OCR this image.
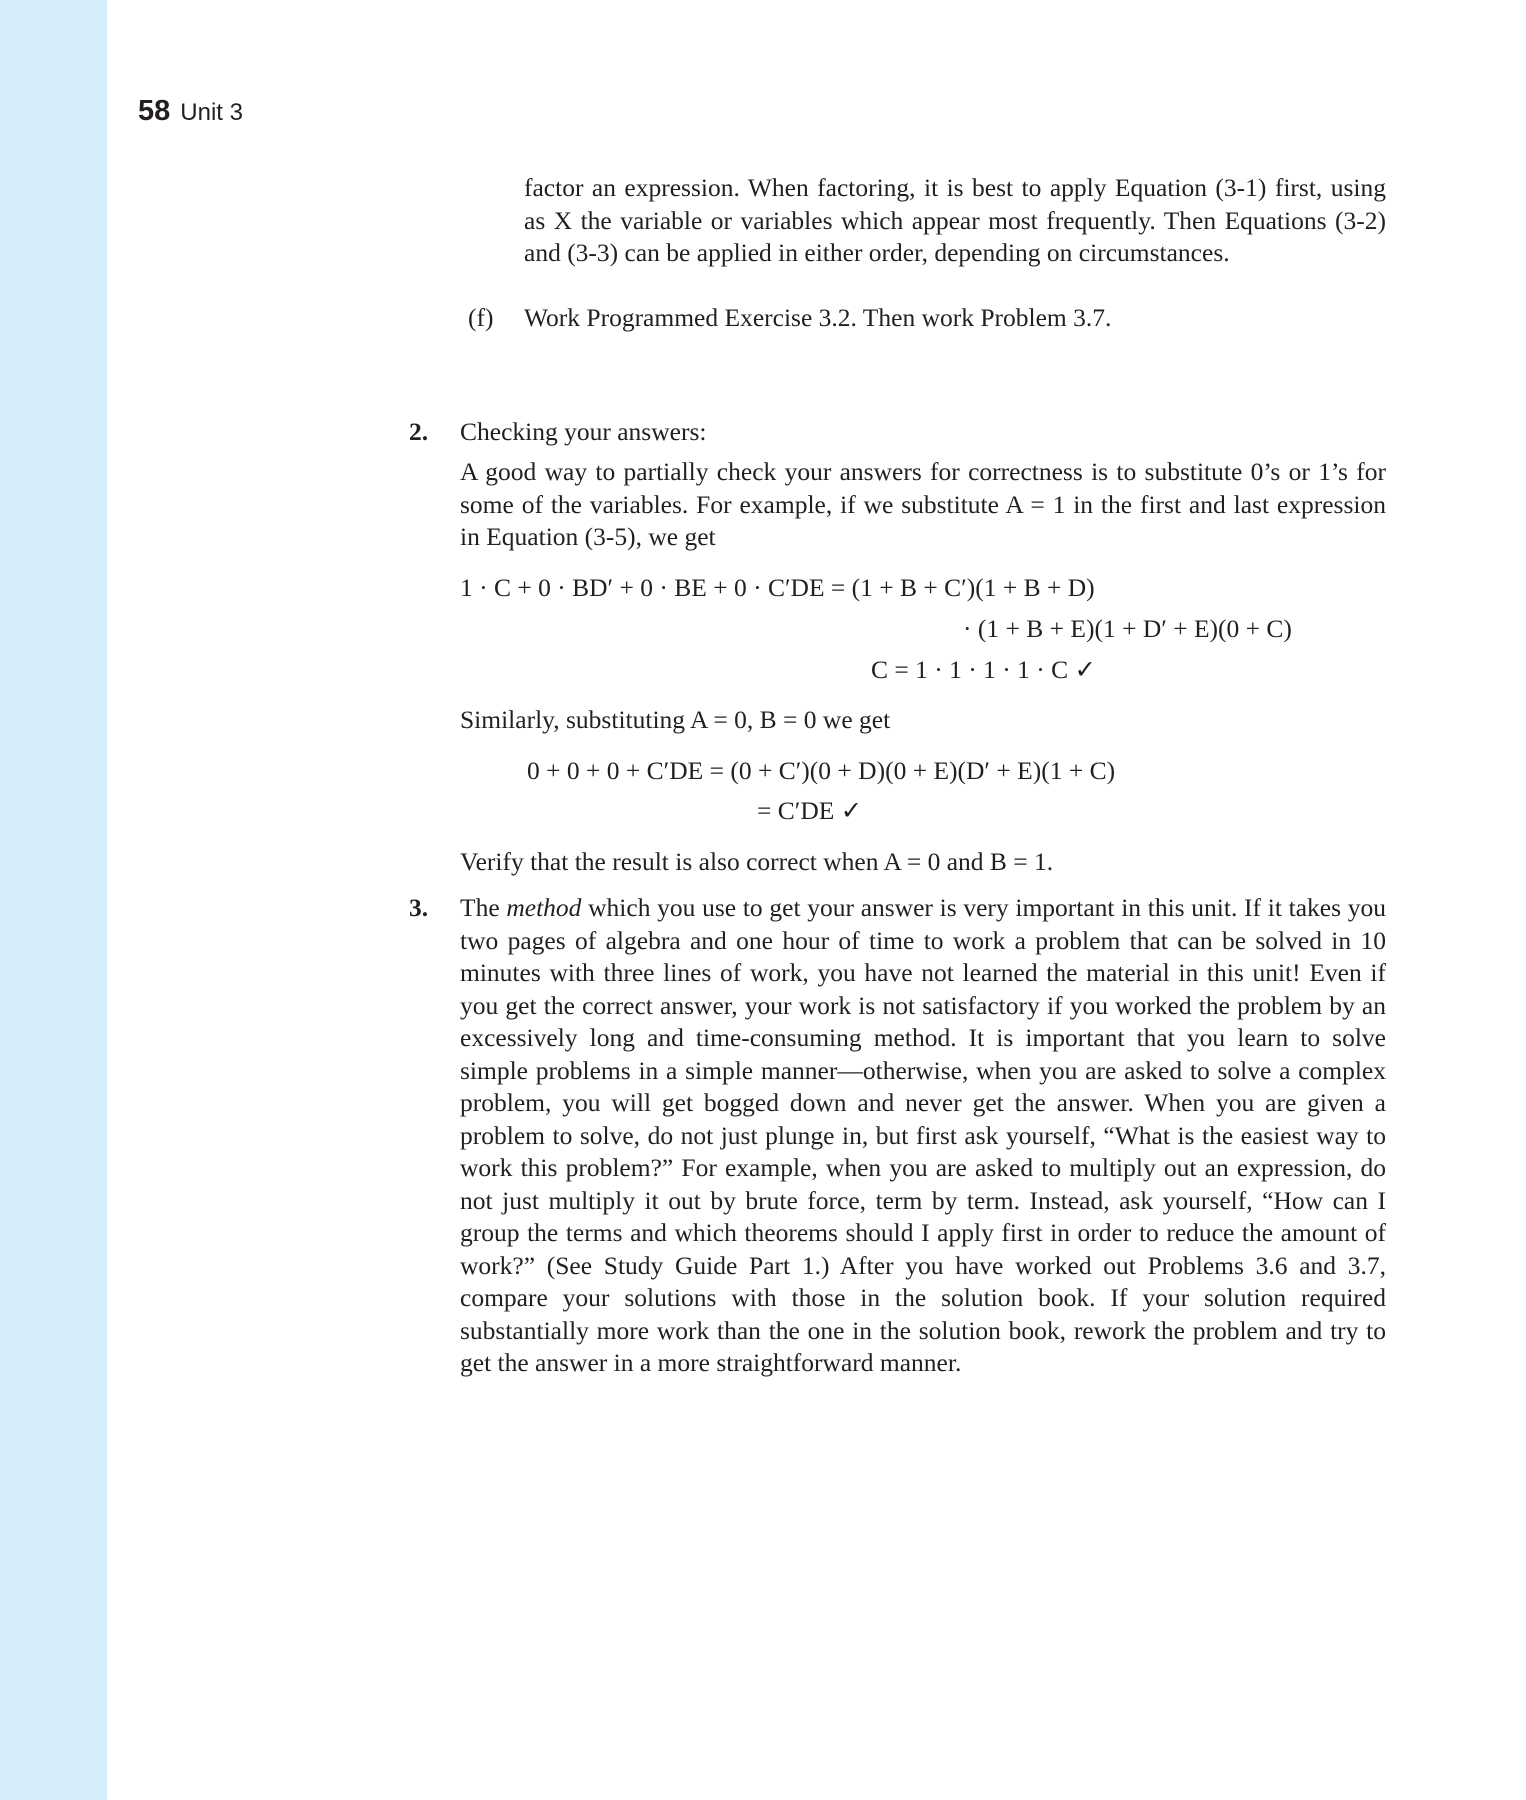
58 Unit 3

factor an expression. When factoring, it is best to apply Equation (3-1) first, using as X the variable or variables which appear most frequently. Then Equations (3-2) and (3-3) can be applied in either order, depending on circumstances.

(f) Work Programmed Exercise 3.2. Then work Problem 3.7.
2. Checking your answers:

A good way to partially check your answers for correctness is to substitute 0’s or 1’s for some of the variables. For example, if we substitute A = 1 in the first and last expression in Equation (3-5), we get

1 · C + 0 · BD′ + 0 · BE + 0 · C′DE = (1 + B + C′)(1 + B + D)
· (1 + B + E)(1 + D′ + E)(0 + C)
C = 1 · 1 · 1 · 1 · C ✓
Similarly, substituting A = 0, B = 0 we get
0 + 0 + 0 + C′DE = (0 + C′)(0 + D)(0 + E)(D′ + E)(1 + C)
= C′DE ✓
Verify that the result is also correct when A = 0 and B = 1.
3. The method which you use to get your answer is very important in this unit. If it takes you two pages of algebra and one hour of time to work a problem that can be solved in 10 minutes with three lines of work, you have not learned the material in this unit! Even if you get the correct answer, your work is not satisfactory if you worked the problem by an excessively long and time-consuming method. It is important that you learn to solve simple problems in a simple manner—otherwise, when you are asked to solve a complex problem, you will get bogged down and never get the answer. When you are given a problem to solve, do not just plunge in, but first ask yourself, “What is the easiest way to work this problem?” For example, when you are asked to multiply out an expression, do not just multiply it out by brute force, term by term. Instead, ask yourself, “How can I group the terms and which theorems should I apply first in order to reduce the amount of work?” (See Study Guide Part 1.) After you have worked out Problems 3.6 and 3.7, compare your solutions with those in the solution book. If your solution required substantially more work than the one in the solution book, rework the problem and try to get the answer in a more straightforward manner.
